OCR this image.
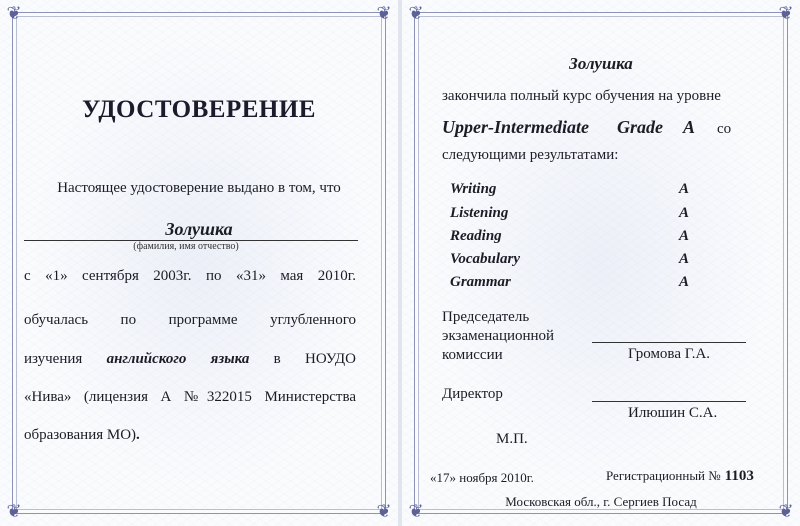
❦	❦
❦	❦
УДОСТОВЕРЕНИЕ
Настоящее удостоверение выдано в том, что
Золушка
(фамилия, имя отчество)
с «1» сентября 2003г. по «31» мая 2010г.
обучалась по программе углубленного
изучения английского языка в НОУДО
«Нива» (лицензия А №322015 Министерства
образования МО).
❦	❦
❦	❦
Золушка
закончила полный курс обучения на уровне
Upper-Intermediate Grade A со
следующими результатами:
Writing	A
Listening	A
Reading	A
Vocabulary	A
Grammar	A
Председатель
экзаменационной
комиссии	Громова Г.А.
Директор
Илюшин С.А.
М.П.
«17» ноября 2010г.	Регистрационный № 1103
Московская обл., г. Сергиев Посад
